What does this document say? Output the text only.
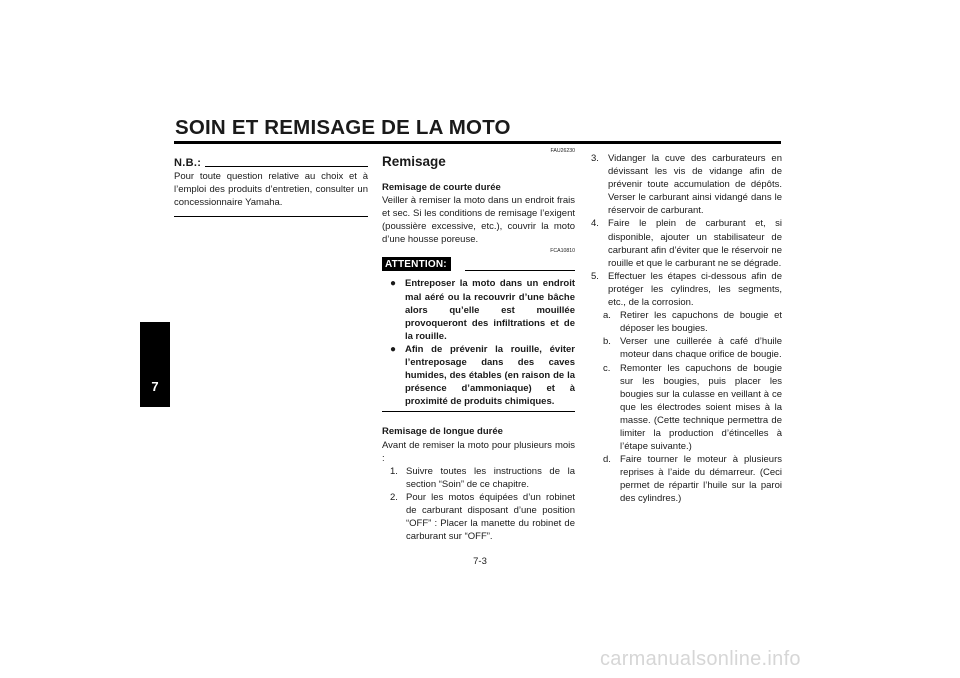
SOIN ET REMISAGE DE LA MOTO
7
N.B.:

Pour toute question relative au choix et à l’emploi des produits d’entretien, consulter un concessionnaire Yamaha.

FAU26230
Remisage

Remisage de courte durée

Veiller à remiser la moto dans un endroit frais et sec. Si les conditions de remisage l’exigent (poussière excessive, etc.), couvrir la moto d’une housse poreuse.

FCA10810
ATTENTION:
● Entreposer la moto dans un endroit mal aéré ou la recouvrir d’une bâche alors qu’elle est mouillée provoqueront des infiltrations et de la rouille.
● Afin de prévenir la rouille, éviter l’entreposage dans des caves humides, des étables (en raison de la présence d’ammoniaque) et à proximité de produits chimiques.

Remisage de longue durée

Avant de remiser la moto pour plusieurs mois :

1. Suivre toutes les instructions de la section “Soin” de ce chapitre.
2. Pour les motos équipées d’un robinet de carburant disposant d’une position “OFF” : Placer la manette du robinet de carburant sur “OFF”.
3. Vidanger la cuve des carburateurs en dévissant les vis de vidange afin de prévenir toute accumulation de dépôts. Verser le carburant ainsi vidangé dans le réservoir de carburant.
4. Faire le plein de carburant et, si disponible, ajouter un stabilisateur de carburant afin d’éviter que le réservoir ne rouille et que le carburant ne se dégrade.
5. Effectuer les étapes ci-dessous afin de protéger les cylindres, les segments, etc., de la corrosion.
a. Retirer les capuchons de bougie et déposer les bougies.
b. Verser une cuillerée à café d’huile moteur dans chaque orifice de bougie.
c. Remonter les capuchons de bougie sur les bougies, puis placer les bougies sur la culasse en veillant à ce que les électrodes soient mises à la masse. (Cette technique permettra de limiter la production d’étincelles à l’étape suivante.)
d. Faire tourner le moteur à plusieurs reprises à l’aide du démarreur. (Ceci permet de répartir l’huile sur la paroi des cylindres.)
7-3
carmanualsonline.info
